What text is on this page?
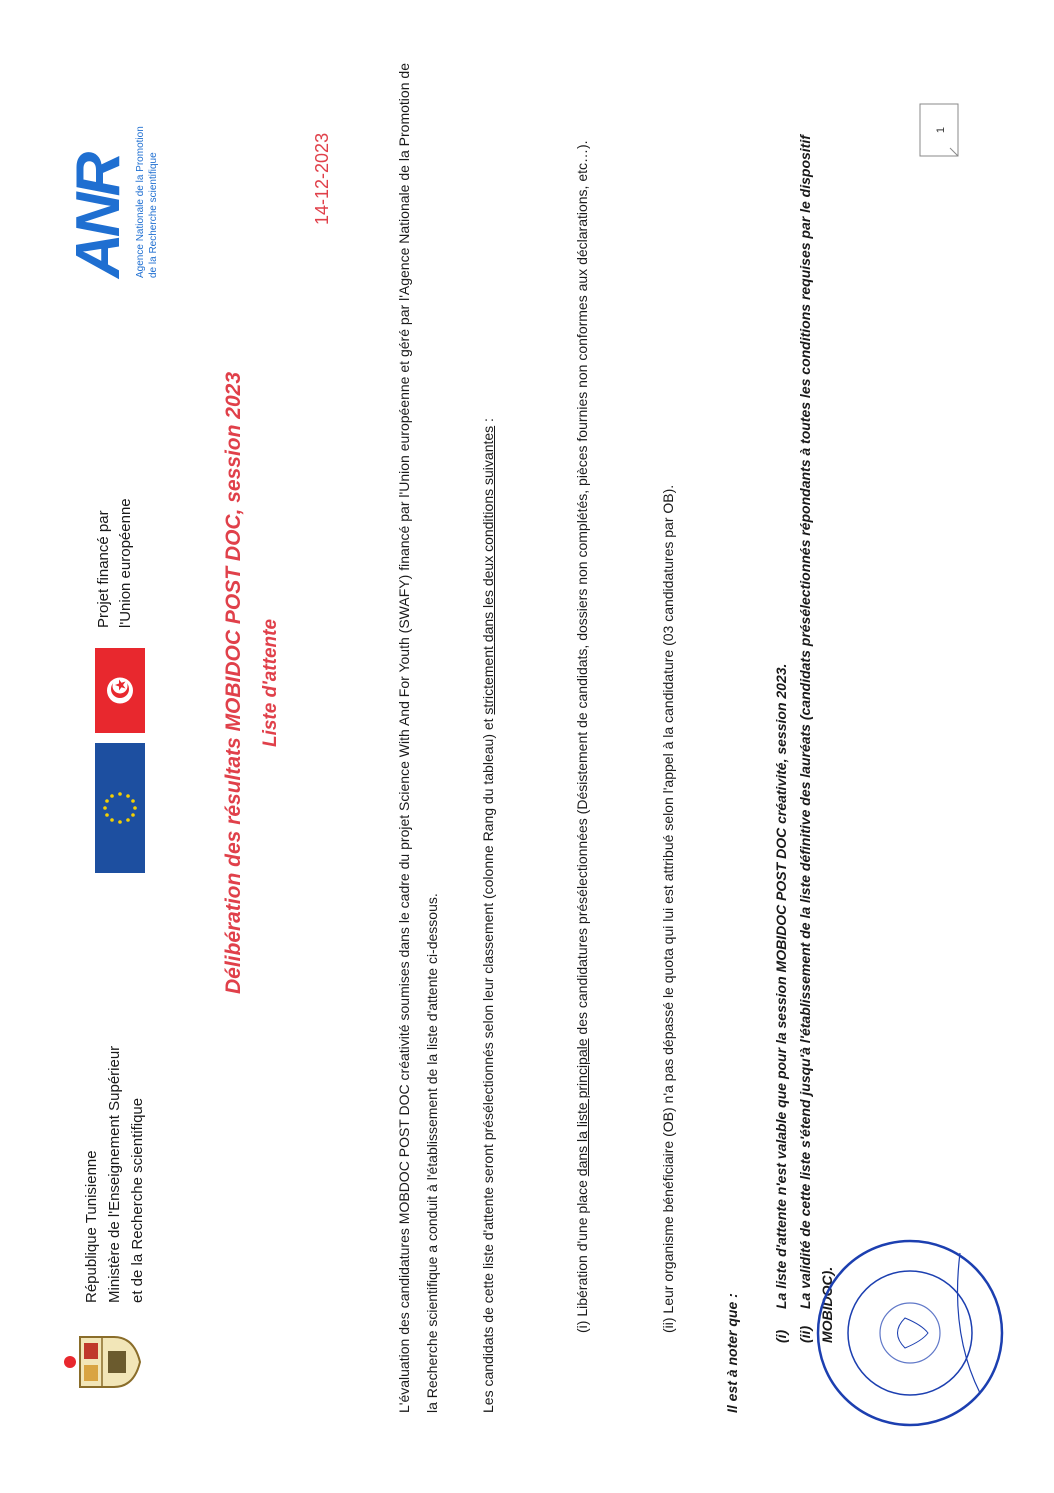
République Tunisienne Ministère de l'Enseignement Supérieur et de la Recherche scientifique
Projet financé par l'Union européenne
ANR Agence Nationale de la Promotion de la Recherche scientifique	14-12-2023
Délibération des résultats MOBIDOC POST DOC, session 2023 Liste d'attente	L'évaluation des candidatures MOBDOC POST DOC créativité soumises dans le cadre du projet Science With And For Youth (SWAFY) financé par l'Union européenne et géré par l'Agence Nationale de la Promotion de la Recherche scientifique a conduit à l'établissement de la liste d'attente ci-dessous.	Les candidats de cette liste d'attente seront présélectionnés selon leur classement (colonne Rang du tableau) et strictement dans les deux conditions suivantes :
(i) Libération d'une place dans la liste principale des candidatures présélectionnées (Désistement de candidats, dossiers non complétés, pièces fournies non conformes aux déclarations, etc…).	(ii) Leur organisme bénéficiaire (OB) n'a pas dépassé le quota qui lui est attribué selon l'appel à la candidature (03 candidatures par OB).
Il est à noter que : (i)La liste d'attente n'est valable que pour la session MOBIDOC POST DOC créativité, session 2023.
(ii)La validité de cette liste s'étend jusqu'à l'établissement de la liste définitive des lauréats (candidats présélectionnés répondants à toutes les conditions requises par le dispositif MOBIDOC).
1
